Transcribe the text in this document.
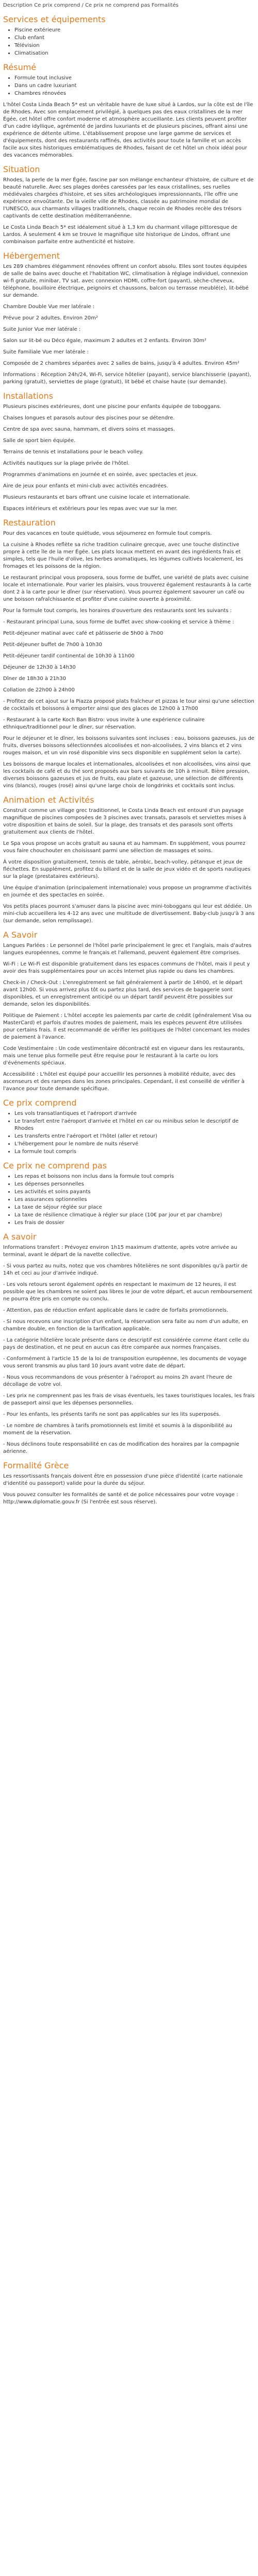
Description Ce prix comprend / Ce prix ne comprend pas Formalités

Services et équipements
• Piscine extérieure
• Club enfant
• Télévision
• Climatisation
Résumé
• Formule tout inclusive
• Dans un cadre luxuriant
• Chambres rénovées

L'hôtel Costa Linda Beach 5* est un véritable havre de luxe situé à Lardos, sur la côte est de l'île de Rhodes. Avec son emplacement privilégié, à quelques pas des eaux cristallines de la mer Égée, cet hôtel offre confort moderne et atmosphère accueillante. Les clients peuvent profiter d'un cadre idyllique, agrémenté de jardins luxuriants et de plusieurs piscines, offrant ainsi une expérience de détente ultime. L'établissement propose une large gamme de services et d'équipements, dont des restaurants raffinés, des activités pour toute la famille et un accès facile aux sites historiques emblématiques de Rhodes, faisant de cet hôtel un choix idéal pour des vacances mémorables.

Situation

Rhodes, la perle de la mer Égée, fascine par son mélange enchanteur d'histoire, de culture et de beauté naturelle. Avec ses plages dorées caressées par les eaux cristallines, ses ruelles médiévales chargées d'histoire, et ses sites archéologiques impressionnants, l'île offre une expérience envoûtante. De la vieille ville de Rhodes, classée au patrimoine mondial de l'UNESCO, aux charmants villages traditionnels, chaque recoin de Rhodes recèle des trésors captivants de cette destination méditerranéenne.

Le Costa Linda Beach 5* est idéalement situé à 1,3 km du charmant village pittoresque de Lardos. À seulement 4 km se trouve le magnifique site historique de Lindos, offrant une combinaison parfaite entre authenticité et histoire.

Hébergement

Les 289 chambres élégamment rénovées offrent un confort absolu. Elles sont toutes équipées de salle de bains avec douche et l'habitation WC, climatisation à réglage individuel, connexion wi-fi gratuite, minibar, TV sat. avec connexion HDMI, coffre-fort (payant), sèche-cheveux, téléphone, bouilloire électrique, peignoirs et chaussons, balcon ou terrasse meublé(e), lit-bébé sur demande.

Chambre Double Vue mer latérale :

Prévue pour 2 adultes. Environ 20m²

Suite Junior Vue mer latérale :

Salon sur lit-bé ou Déco égale, maximum 2 adultes et 2 enfants. Environ 30m²

Suite Familiale Vue mer latérale :

Composée de 2 chambres séparées avec 2 salles de bains, jusqu'à 4 adultes. Environ 45m²

Informations : Réception 24h/24, Wi-Fi, service hôtelier (payant), service blanchisserie (payant), parking (gratuit), serviettes de plage (gratuit), lit bébé et chaise haute (sur demande).

Installations

Plusieurs piscines extérieures, dont une piscine pour enfants équipée de toboggans.

Chaises longues et parasols autour des piscines pour se détendre.

Centre de spa avec sauna, hammam, et divers soins et massages.

Salle de sport bien équipée.

Terrains de tennis et installations pour le beach volley.

Activités nautiques sur la plage privée de l'hôtel.

Programmes d'animations en journée et en soirée, avec spectacles et jeux.

Aire de jeux pour enfants et mini-club avec activités encadrées.

Plusieurs restaurants et bars offrant une cuisine locale et internationale.

Espaces intérieurs et extérieurs pour les repas avec vue sur la mer.

Restauration

Pour des vacances en toute quiétude, vous séjournerez en formule tout compris.

La cuisine à Rhodes reflète sa riche tradition culinaire grecque, avec une touche distinctive propre à cette île de la mer Égée. Les plats locaux mettent en avant des ingrédients frais et simples, tels que l'huile d'olive, les herbes aromatiques, les légumes cultivés localement, les fromages et les poissons de la région.

Le restaurant principal vous proposera, sous forme de buffet, une variété de plats avec cuisine locale et internationale. Pour varier les plaisirs, vous trouverez également restaurants à la carte dont 2 à la carte pour le dîner (sur réservation). Vous pourrez également savourer un café ou une boisson rafraîchissante et profiter d'une cuisine ouverte à proximité.

Pour la formule tout compris, les horaires d'ouverture des restaurants sont les suivants :

- Restaurant principal Luna, sous forme de buffet avec show-cooking et service à thème :

Petit-déjeuner matinal avec café et pâtisserie de 5h00 à 7h00

Petit-déjeuner buffet de 7h00 à 10h30

Petit-déjeuner tardif continental de 10h30 à 11h00

Déjeuner de 12h30 à 14h30

Dîner de 18h30 à 21h30

Collation de 22h00 à 24h00

- Profitez de cet ajout sur la Piazza proposé plats fraîcheur et pizzas le tour ainsi qu'une sélection de cocktails et boissons à emporter ainsi que des glaces de 12h00 à 17h00

- Restaurant à la carte Koch Ban Bistro: vous invite à une expérience culinaire ethnique/traditionnel pour le dîner, sur réservation.

Pour le déjeuner et le dîner, les boissons suivantes sont incluses : eau, boissons gazeuses, jus de fruits, diverses boissons sélectionnées alcoolisées et non-alcoolisées, 2 vins blancs et 2 vins rouges maison, et un vin rosé disponible vins secs disponible en supplément selon la carte).

Les boissons de marque locales et internationales, alcoolisées et non alcoolisées, vins ainsi que les cocktails de café et du thé sont proposés aux bars suivants de 10h à minuit. Bière pression, diverses boissons gazeuses et jus de fruits, eau plate et gazeuse, une sélection de différents vins (blancs), rouges (rosé) ainsi qu'une large choix de longdrinks et cocktails sont inclus.

Animation et Activités

Construit comme un village grec traditionnel, le Costa Linda Beach est entouré d'un paysage magnifique de piscines composées de 3 piscines avec transats, parasols et serviettes mises à votre disposition et bains de soleil. Sur la plage, des transats et des parasols sont offerts gratuitement aux clients de l'hôtel.

Le Spa vous propose un accès gratuit au sauna et au hammam. En supplément, vous pourrez vous faire chouchouter en choisissant parmi une sélection de massages et soins.

À votre disposition gratuitement, tennis de table, aérobic, beach-volley, pétanque et jeux de fléchettes. En supplément, profitez du billard et de la salle de jeux vidéo et de sports nautiques sur la plage (prestataires extérieurs).

Une équipe d'animation (principalement internationale) vous propose un programme d'activités en journée et des spectacles en soirée.

Vos petits places pourront s'amuser dans la piscine avec mini-toboggans qui leur est dédiée. Un mini-club accueillera les 4-12 ans avec une multitude de divertissement. Baby-club jusqu'à 3 ans (sur demande, selon remplissage).

A Savoir

Langues Parlées : Le personnel de l'hôtel parle principalement le grec et l'anglais, mais d'autres langues européennes, comme le français et l'allemand, peuvent également être comprises.

Wi-Fi : Le Wi-Fi est disponible gratuitement dans les espaces communs de l'hôtel, mais il peut y avoir des frais supplémentaires pour un accès Internet plus rapide ou dans les chambres.

Check-in / Check-Out : L'enregistrement se fait généralement à partir de 14h00, et le départ avant 12h00. Si vous arrivez plus tôt ou partez plus tard, des services de bagagerie sont disponibles, et un enregistrement anticipé ou un départ tardif peuvent être possibles sur demande, selon les disponibilités.

Politique de Paiement : L'hôtel accepte les paiements par carte de crédit (généralement Visa ou MasterCard) et parfois d'autres modes de paiement, mais les espèces peuvent être utilisées pour certains frais. Il est recommandé de vérifier les politiques de l'hôtel concernant les modes de paiement à l'avance.

Code Vestimentaire : Un code vestimentaire décontracté est en vigueur dans les restaurants, mais une tenue plus formelle peut être requise pour le restaurant à la carte ou lors d'événements spéciaux.

Accessibilité : L'hôtel est équipé pour accueillir les personnes à mobilité réduite, avec des ascenseurs et des rampes dans les zones principales. Cependant, il est conseillé de vérifier à l'avance pour toute demande spécifique.

Ce prix comprend
• Les vols transatlantiques et l'aéroport d'arrivée
• Le transfert entre l'aéroport d'arrivée et l'hôtel en car ou minibus selon le descriptif de Rhodes
• Les transferts entre l'aéroport et l'hôtel (aller et retour)
• L'hébergement pour le nombre de nuits réservé
• La formule tout compris
Ce prix ne comprend pas
• Les repas et boissons non inclus dans la formule tout compris
• Les dépenses personnelles
• Les activités et soins payants
• Les assurances optionnelles
• La taxe de séjour réglée sur place
• La taxe de résilience climatique à régler sur place (10€ par jour et par chambre)
• Les frais de dossier
A savoir

Informations transfert : Prévoyez environ 1h15 maximum d'attente, après votre arrivée au terminal, avant le départ de la navette collective.

- Si vous partez au nuits, notez que vos chambres hôtelières ne sont disponibles qu'à partir de 14h et ceci au jour d'arrivée indiqué.

- Les vols retours seront également opérés en respectant le maximum de 12 heures, il est possible que les chambres ne soient pas libres le jour de votre départ, et aucun remboursement ne pourra être pris en compte ou conclu.

- Attention, pas de réduction enfant applicable dans le cadre de forfaits promotionnels.

- Si nous recevons une inscription d'un enfant, la réservation sera faite au nom d'un adulte, en chambre double, en fonction de la tarification applicable.

- La catégorie hôtelière locale présente dans ce descriptif est considérée comme étant celle du pays de destination, et ne peut en aucun cas être comparée aux normes françaises.

- Conformément à l'article 15 de la loi de transposition européenne, les documents de voyage vous seront transmis au plus tard 10 jours avant votre date de départ.

- Nous vous recommandons de vous présenter à l'aéroport au moins 2h avant l'heure de décollage de votre vol.

- Les prix ne comprennent pas les frais de visas éventuels, les taxes touristiques locales, les frais de passeport ainsi que les dépenses personnelles.

- Pour les enfants, les présents tarifs ne sont pas applicables sur les lits superposés.

- Le nombre de chambres à tarifs promotionnels est limité et soumis à la disponibilité au moment de la réservation.

- Nous déclinons toute responsabilité en cas de modification des horaires par la compagnie aérienne.

Formalité Grèce

Les ressortissants français doivent être en possession d'une pièce d'identité (carte nationale d'identité ou passeport) valide pour la durée du séjour.

Vous pouvez consulter les formalités de santé et de police nécessaires pour votre voyage : http://www.diplomatie.gouv.fr (Si l'entrée est sous réserve).
